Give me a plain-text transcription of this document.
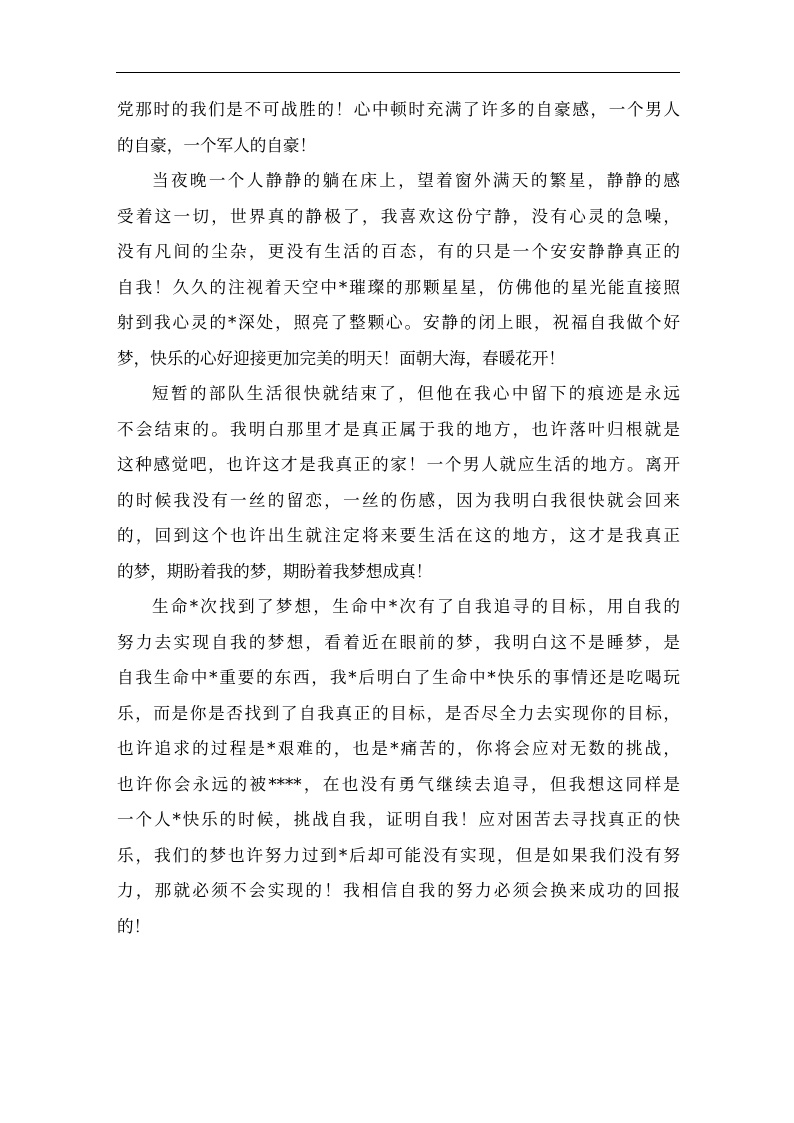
党那时的我们是不可战胜的！心中顿时充满了许多的自豪感，一个男人
的自豪，一个军人的自豪！
当夜晚一个人静静的躺在床上，望着窗外满天的繁星，静静的感
受着这一切，世界真的静极了，我喜欢这份宁静，没有心灵的急噪，
没有凡间的尘杂，更没有生活的百态，有的只是一个安安静静真正的
自我！久久的注视着天空中*璀璨的那颗星星，仿佛他的星光能直接照
射到我心灵的*深处，照亮了整颗心。安静的闭上眼，祝福自我做个好
梦，快乐的心好迎接更加完美的明天！面朝大海，春暖花开！
短暂的部队生活很快就结束了，但他在我心中留下的痕迹是永远
不会结束的。我明白那里才是真正属于我的地方，也许落叶归根就是
这种感觉吧，也许这才是我真正的家！一个男人就应生活的地方。离开
的时候我没有一丝的留恋，一丝的伤感，因为我明白我很快就会回来
的，回到这个也许出生就注定将来要生活在这的地方，这才是我真正
的梦，期盼着我的梦，期盼着我梦想成真！
生命*次找到了梦想，生命中*次有了自我追寻的目标，用自我的
努力去实现自我的梦想，看着近在眼前的梦，我明白这不是睡梦，是
自我生命中*重要的东西，我*后明白了生命中*快乐的事情还是吃喝玩
乐，而是你是否找到了自我真正的目标，是否尽全力去实现你的目标，
也许追求的过程是*艰难的，也是*痛苦的，你将会应对无数的挑战，
也许你会永远的被****，在也没有勇气继续去追寻，但我想这同样是
一个人*快乐的时候，挑战自我，证明自我！应对困苦去寻找真正的快
乐，我们的梦也许努力过到*后却可能没有实现，但是如果我们没有努
力，那就必须不会实现的！我相信自我的努力必须会换来成功的回报
的！
